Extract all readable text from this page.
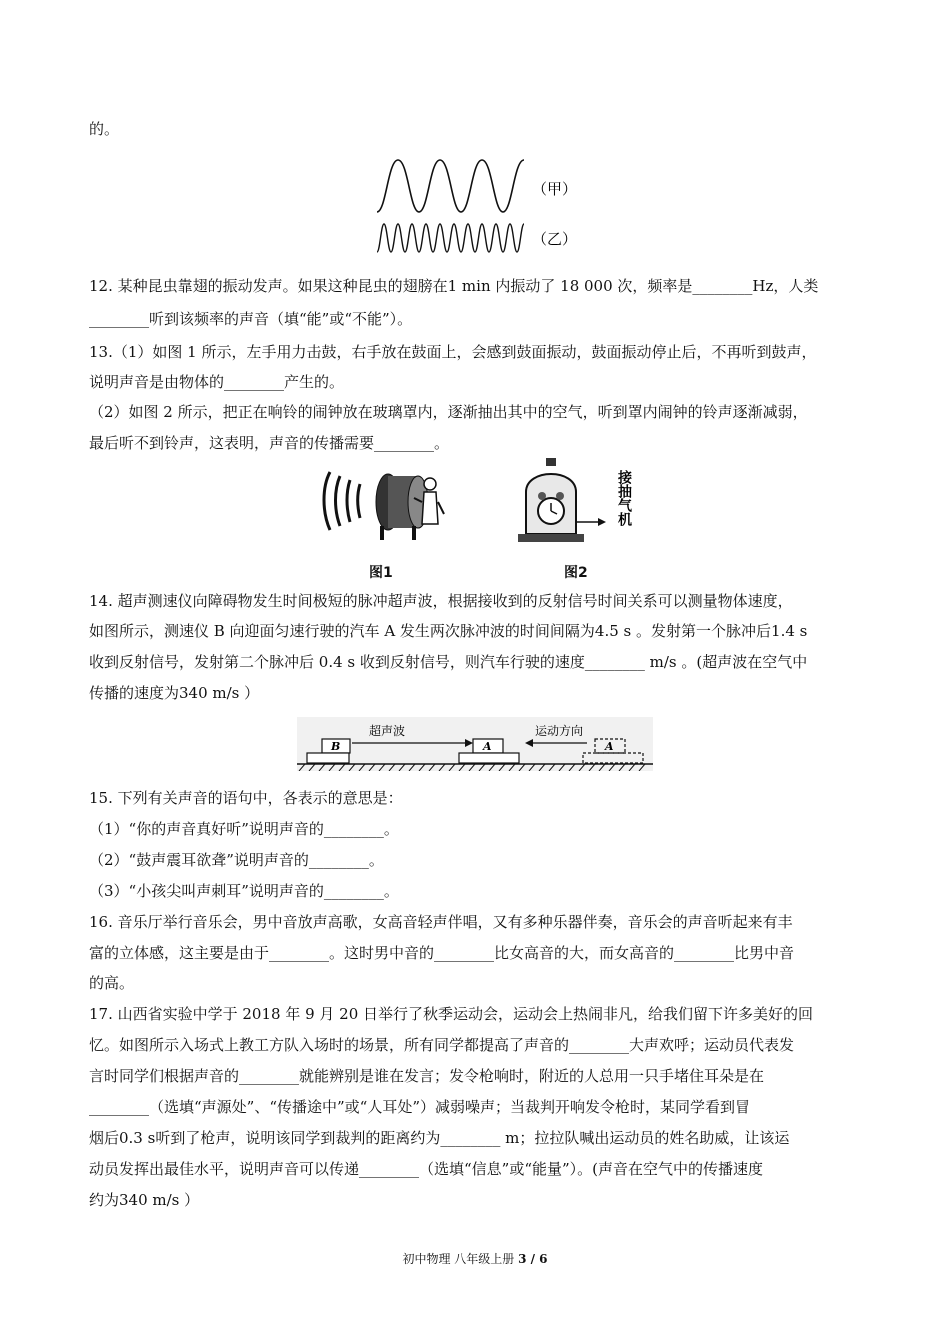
的。
（甲）
（乙）
12. 某种昆虫靠翅的振动发声。如果这种昆虫的翅膀在1 min 内振动了 18 000 次，频率是________Hz，人类
________听到该频率的声音（填“能”或“不能”）。
13.（1）如图 1 所示，左手用力击鼓，右手放在鼓面上，会感到鼓面振动，鼓面振动停止后，不再听到鼓声，
说明声音是由物体的________产生的。
（2）如图 2 所示，把正在响铃的闹钟放在玻璃罩内，逐渐抽出其中的空气，听到罩内闹钟的铃声逐渐减弱，
最后听不到铃声，这表明，声音的传播需要________。
图1
接抽气机
图2
14. 超声测速仪向障碍物发生时间极短的脉冲超声波，根据接收到的反射信号时间关系可以测量物体速度，
如图所示，测速仪 B 向迎面匀速行驶的汽车 A 发生两次脉冲波的时间间隔为4.5 s 。发射第一个脉冲后1.4 s
收到反射信号，发射第二个脉冲后 0.4 s 收到反射信号，则汽车行驶的速度________ m/s 。(超声波在空气中
传播的速度为340 m/s ）
B
超声波
A
运动方向
A
15. 下列有关声音的语句中，各表示的意思是：
（1）“你的声音真好听”说明声音的________。
（2）“鼓声震耳欲聋”说明声音的________。
（3）“小孩尖叫声刺耳”说明声音的________。
16. 音乐厅举行音乐会，男中音放声高歌，女高音轻声伴唱，又有多种乐器伴奏，音乐会的声音听起来有丰
富的立体感，这主要是由于________。这时男中音的________比女高音的大，而女高音的________比男中音
的高。
17. 山西省实验中学于 2018 年 9 月 20 日举行了秋季运动会，运动会上热闹非凡，给我们留下许多美好的回
忆。如图所示入场式上教工方队入场时的场景，所有同学都提高了声音的________大声欢呼；运动员代表发
言时同学们根据声音的________就能辨别是谁在发言；发令枪响时，附近的人总用一只手堵住耳朵是在
________（选填“声源处”、“传播途中”或“人耳处”）减弱噪声；当裁判开响发令枪时，某同学看到冒
烟后0.3 s听到了枪声，说明该同学到裁判的距离约为________ m；拉拉队喊出运动员的姓名助威，让该运
动员发挥出最佳水平，说明声音可以传递________（选填“信息”或“能量”）。(声音在空气中的传播速度
约为340 m/s ）
初中物理 八年级上册 3 / 6
